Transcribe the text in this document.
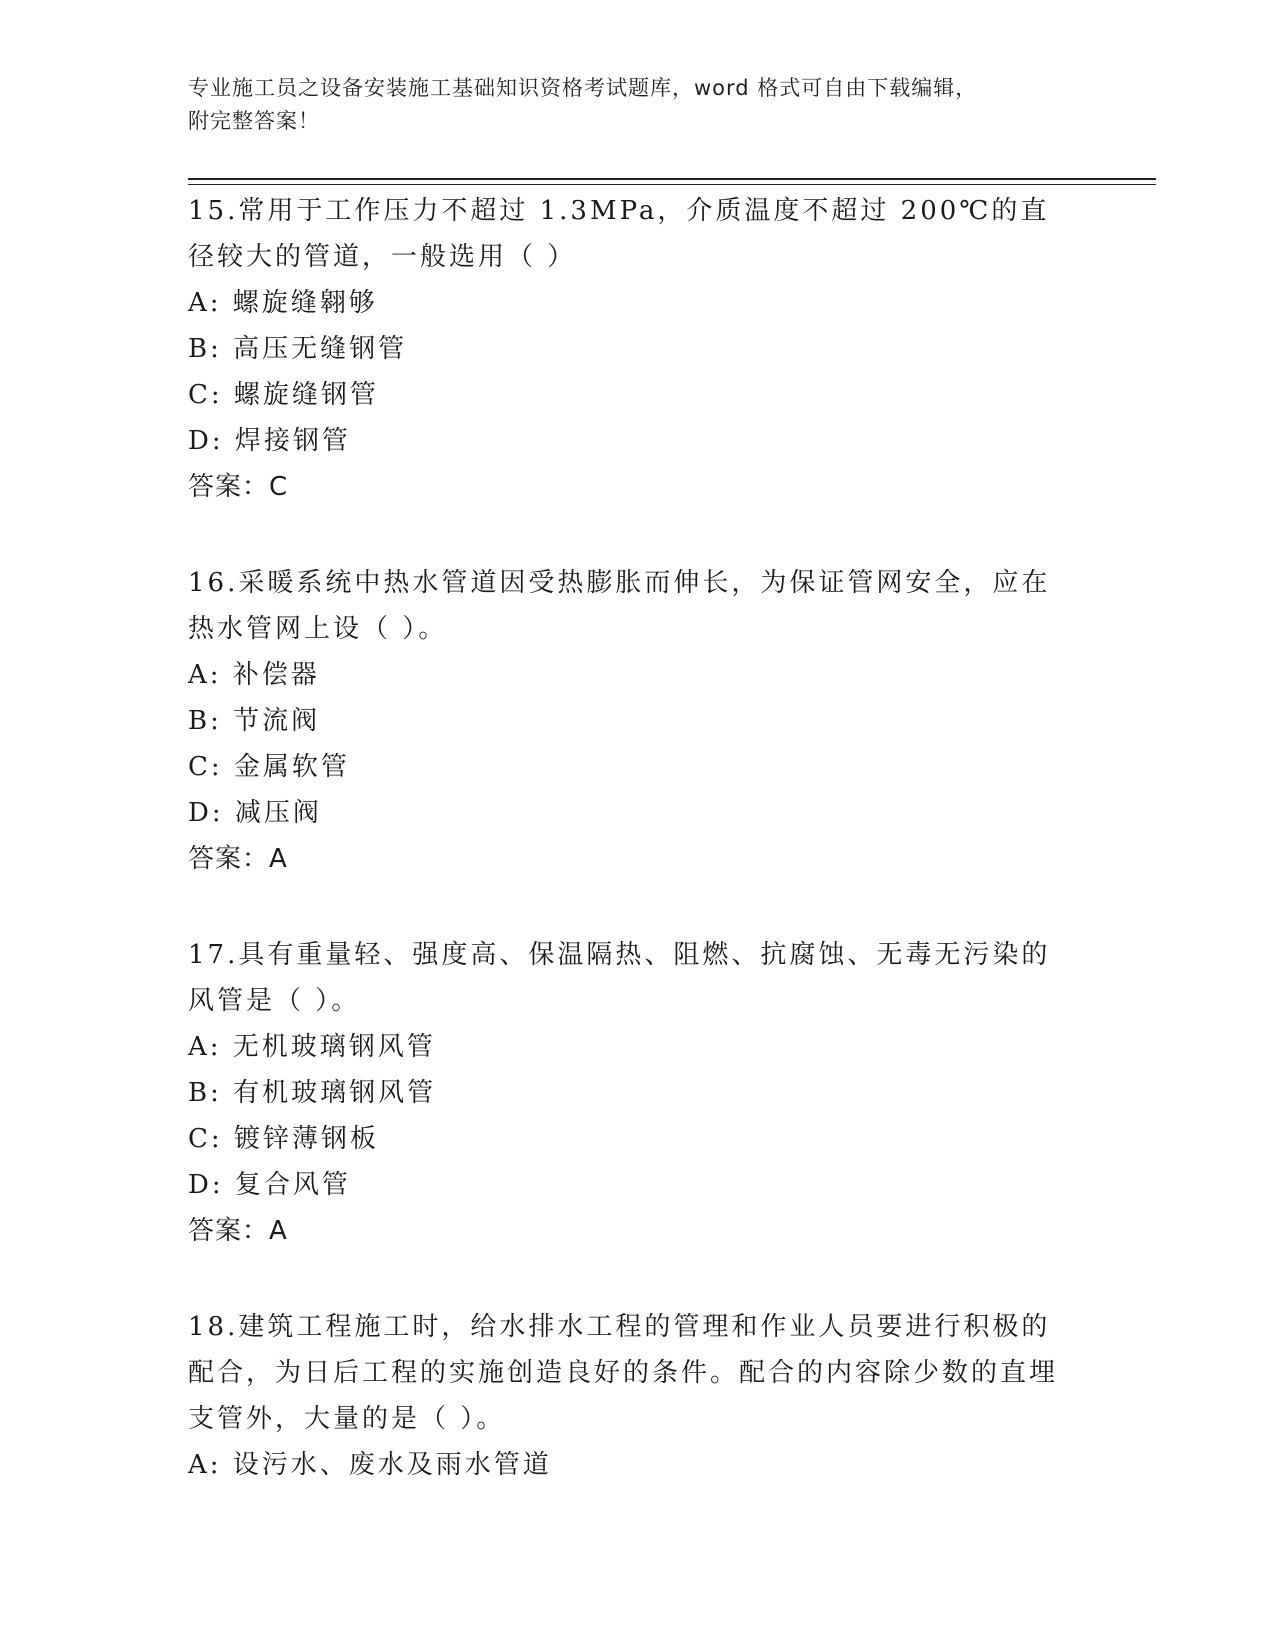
专业施工员之设备安装施工基础知识资格考试题库，word 格式可自由下载编辑，
附完整答案！
15.常用于工作压力不超过 1.3MPa，介质温度不超过 200℃的直径较大的管道，一般选用（ ）
A: 螺旋缝翱够
B: 高压无缝钢管
C: 螺旋缝钢管
D: 焊接钢管
答案：C
16.采暖系统中热水管道因受热膨胀而伸长，为保证管网安全，应在热水管网上设（ ）。
A: 补偿器
B: 节流阀
C: 金属软管
D: 减压阀
答案：A
17.具有重量轻、强度高、保温隔热、阻燃、抗腐蚀、无毒无污染的风管是（ ）。
A: 无机玻璃钢风管
B: 有机玻璃钢风管
C: 镀锌薄钢板
D: 复合风管
答案：A
18.建筑工程施工时，给水排水工程的管理和作业人员要进行积极的配合，为日后工程的实施创造良好的条件。配合的内容除少数的直埋支管外，大量的是（ ）。
A: 设污水、废水及雨水管道
